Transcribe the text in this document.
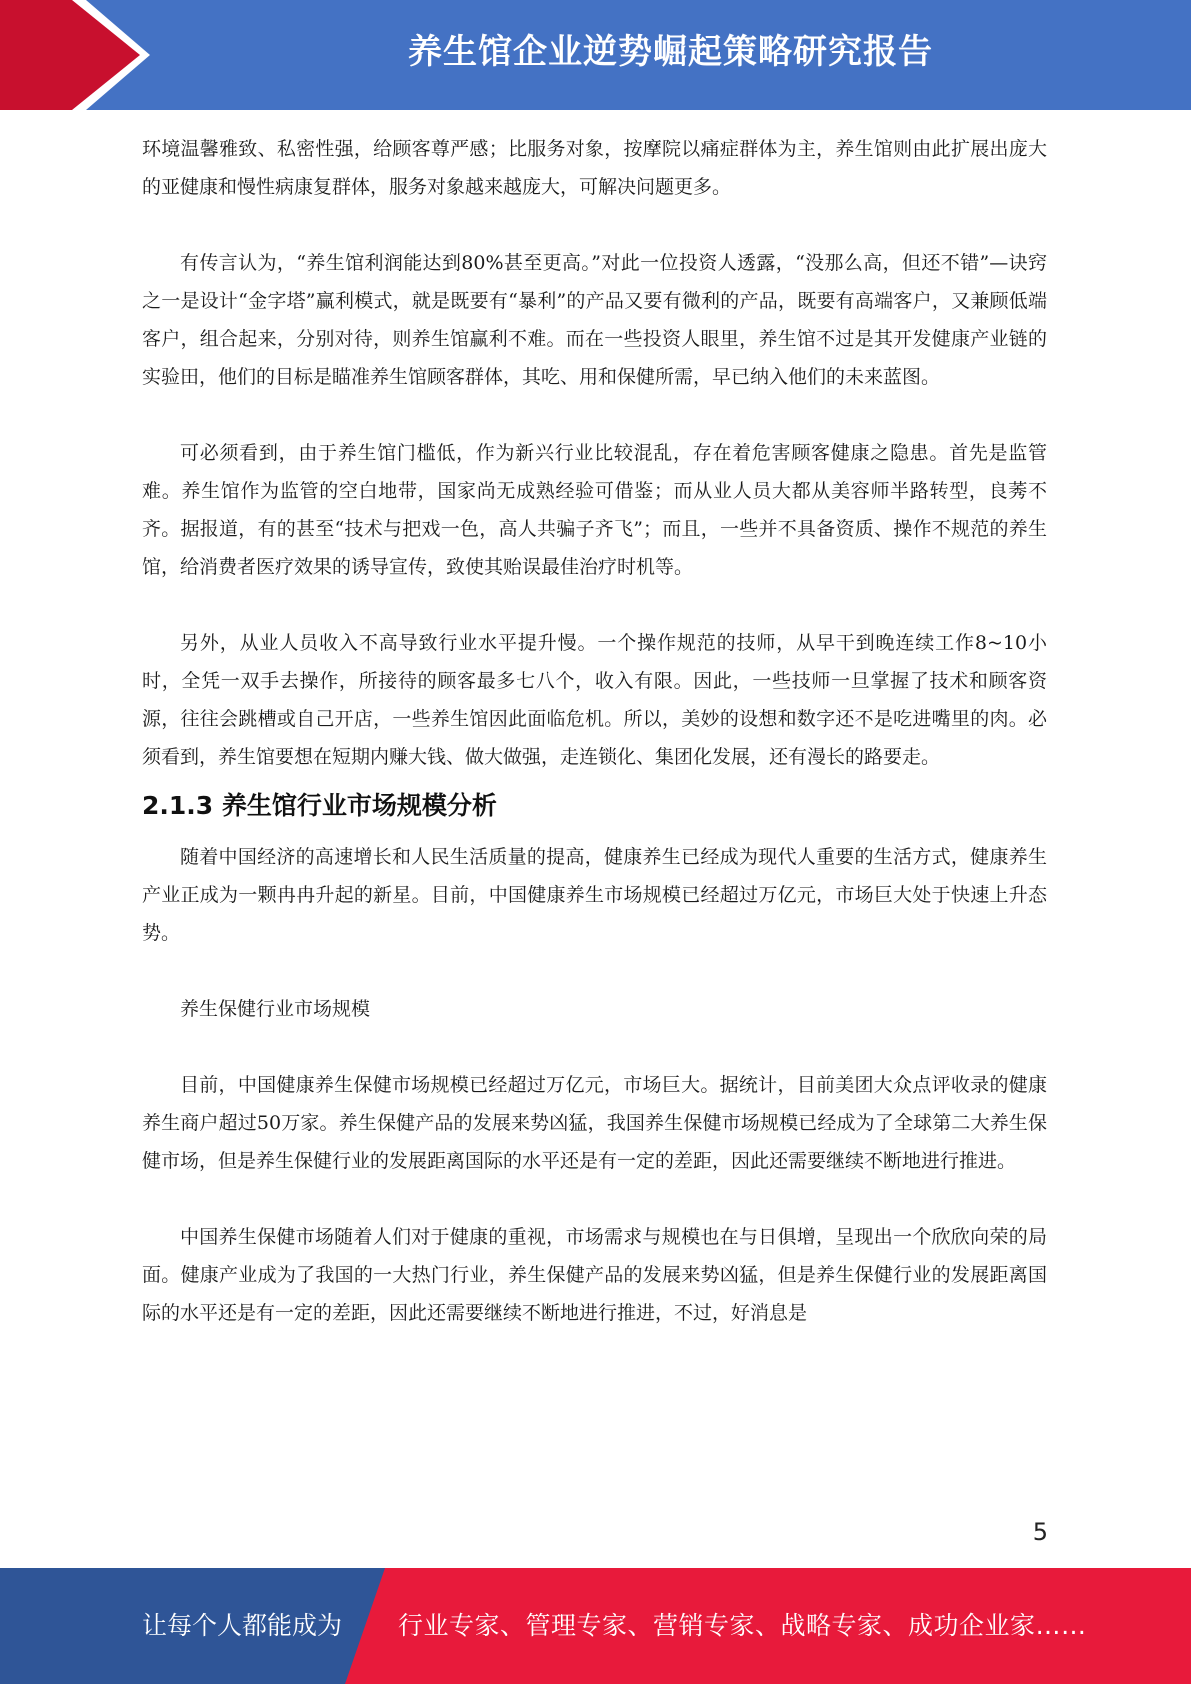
养生馆企业逆势崛起策略研究报告

环境温馨雅致、私密性强，给顾客尊严感；比服务对象，按摩院以痛症群体为主，养生馆则由此扩展出庞大的亚健康和慢性病康复群体，服务对象越来越庞大，可解决问题更多。

有传言认为，“养生馆利润能达到80%甚至更高。”对此一位投资人透露，“没那么高，但还不错”—诀窍之一是设计“金字塔”赢利模式，就是既要有“暴利”的产品又要有微利的产品，既要有高端客户，又兼顾低端客户，组合起来，分别对待，则养生馆赢利不难。而在一些投资人眼里，养生馆不过是其开发健康产业链的实验田，他们的目标是瞄准养生馆顾客群体，其吃、用和保健所需，早已纳入他们的未来蓝图。

可必须看到，由于养生馆门槛低，作为新兴行业比较混乱，存在着危害顾客健康之隐患。首先是监管难。养生馆作为监管的空白地带，国家尚无成熟经验可借鉴；而从业人员大都从美容师半路转型，良莠不齐。据报道，有的甚至“技术与把戏一色，高人共骗子齐飞”；而且，一些并不具备资质、操作不规范的养生馆，给消费者医疗效果的诱导宣传，致使其贻误最佳治疗时机等。

另外，从业人员收入不高导致行业水平提升慢。一个操作规范的技师，从早干到晚连续工作8~10小时，全凭一双手去操作，所接待的顾客最多七八个，收入有限。因此，一些技师一旦掌握了技术和顾客资源，往往会跳槽或自己开店，一些养生馆因此面临危机。所以，美妙的设想和数字还不是吃进嘴里的肉。必须看到，养生馆要想在短期内赚大钱、做大做强，走连锁化、集团化发展，还有漫长的路要走。

2.1.3 养生馆行业市场规模分析

随着中国经济的高速增长和人民生活质量的提高，健康养生已经成为现代人重要的生活方式，健康养生产业正成为一颗冉冉升起的新星。目前，中国健康养生市场规模已经超过万亿元，市场巨大处于快速上升态势。

养生保健行业市场规模

目前，中国健康养生保健市场规模已经超过万亿元，市场巨大。据统计，目前美团大众点评收录的健康养生商户超过50万家。养生保健产品的发展来势凶猛，我国养生保健市场规模已经成为了全球第二大养生保健市场，但是养生保健行业的发展距离国际的水平还是有一定的差距，因此还需要继续不断地进行推进。

中国养生保健市场随着人们对于健康的重视，市场需求与规模也在与日俱增，呈现出一个欣欣向荣的局面。健康产业成为了我国的一大热门行业，养生保健产品的发展来势凶猛，但是养生保健行业的发展距离国际的水平还是有一定的差距，因此还需要继续不断地进行推进，不过，好消息是

5
让每个人都能成为 行业专家、管理专家、营销专家、战略专家、成功企业家……
